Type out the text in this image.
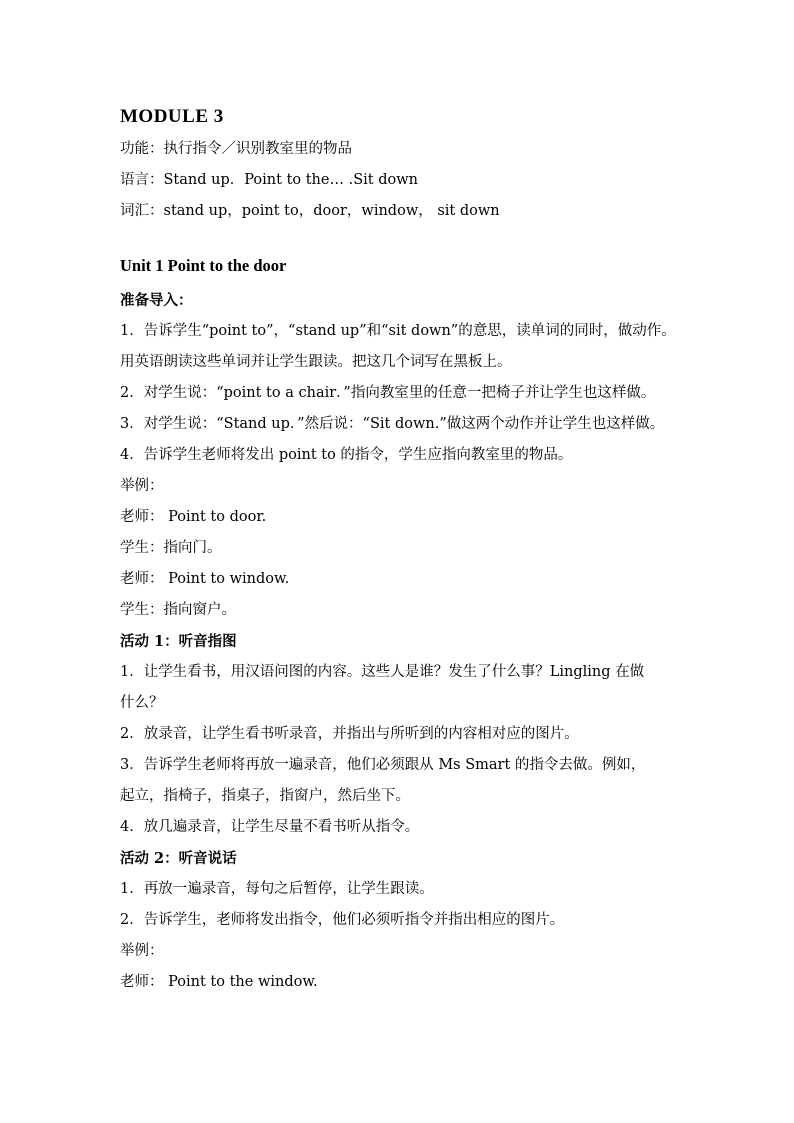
MODULE 3
功能：执行指令／识别教室里的物品
语言：Stand up．Point to the… .Sit down
词汇：stand up，point to，door，window， sit down
Unit 1 Point to the door
准备导入：
1．告诉学生“point to”，“stand up”和“sit down”的意思，读单词的同时，做动作。
用英语朗读这些单词并让学生跟读。把这几个词写在黑板上。
2．对学生说：“point to a chair．”指向教室里的任意一把椅子并让学生也这样做。
3．对学生说：“Stand up．”然后说：“Sit down.”做这两个动作并让学生也这样做。
4．告诉学生老师将发出 point to 的指令，学生应指向教室里的物品。
举例：
老师： Point to door.
学生：指向门。
老师： Point to window.
学生：指向窗户。
活动 1：听音指图
1．让学生看书，用汉语问图的内容。这些人是谁？发生了什么事？Lingling 在做
什么？
2．放录音，让学生看书听录音，并指出与所听到的内容相对应的图片。
3．告诉学生老师将再放一遍录音，他们必须跟从 Ms Smart 的指令去做。例如，
起立，指椅子，指桌子，指窗户，然后坐下。
4．放几遍录音，让学生尽量不看书听从指令。
活动 2：听音说话
1．再放一遍录音，每句之后暂停，让学生跟读。
2．告诉学生，老师将发出指令，他们必须听指令并指出相应的图片。
举例：
老师： Point to the window.
